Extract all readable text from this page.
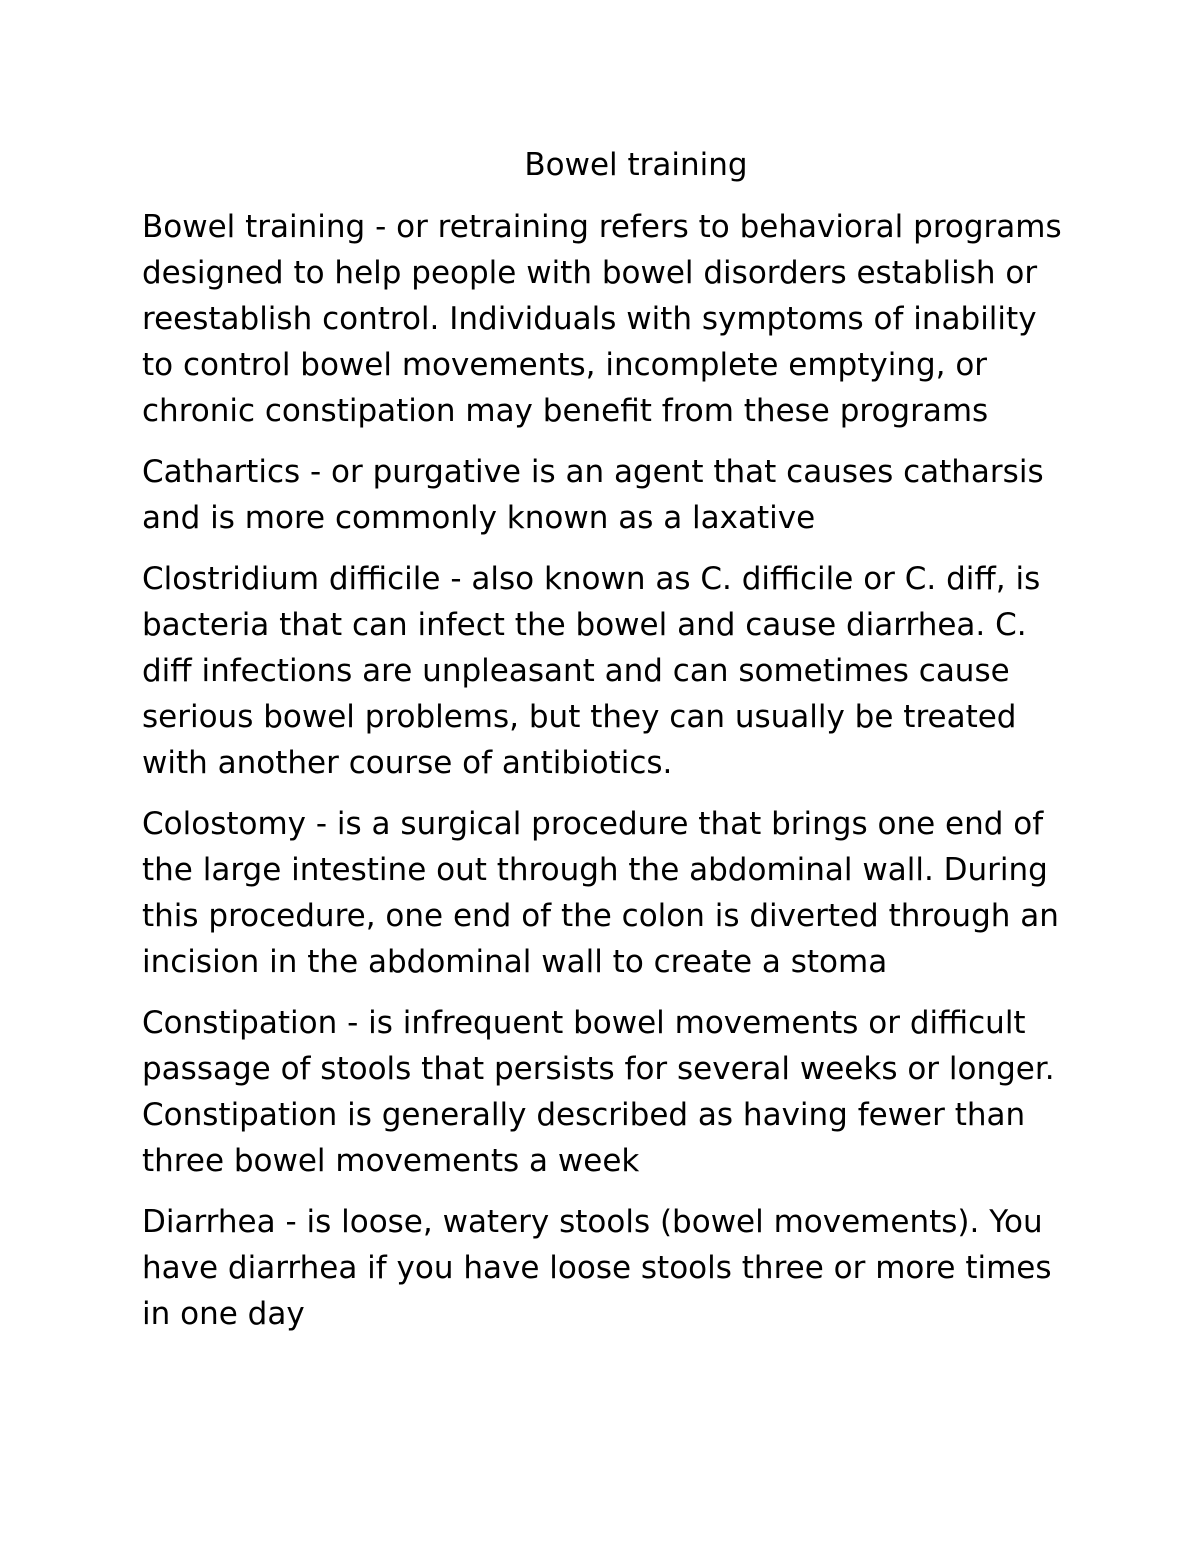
Bowel training

Bowel training - or retraining refers to behavioral programs designed to help people with bowel disorders establish or reestablish control. Individuals with symptoms of inability to control bowel movements, incomplete emptying, or chronic constipation may benefit from these programs

Cathartics - or purgative is an agent that causes catharsis and is more commonly known as a laxative

Clostridium difficile - also known as C. difficile or C. diff, is bacteria that can infect the bowel and cause diarrhea. C. diff infections are unpleasant and can sometimes cause serious bowel problems, but they can usually be treated with another course of antibiotics.

Colostomy - is a surgical procedure that brings one end of the large intestine out through the abdominal wall. During this procedure, one end of the colon is diverted through an incision in the abdominal wall to create a stoma

Constipation - is infrequent bowel movements or difficult passage of stools that persists for several weeks or longer. Constipation is generally described as having fewer than three bowel movements a week

Diarrhea - is loose, watery stools (bowel movements). You have diarrhea if you have loose stools three or more times in one day
